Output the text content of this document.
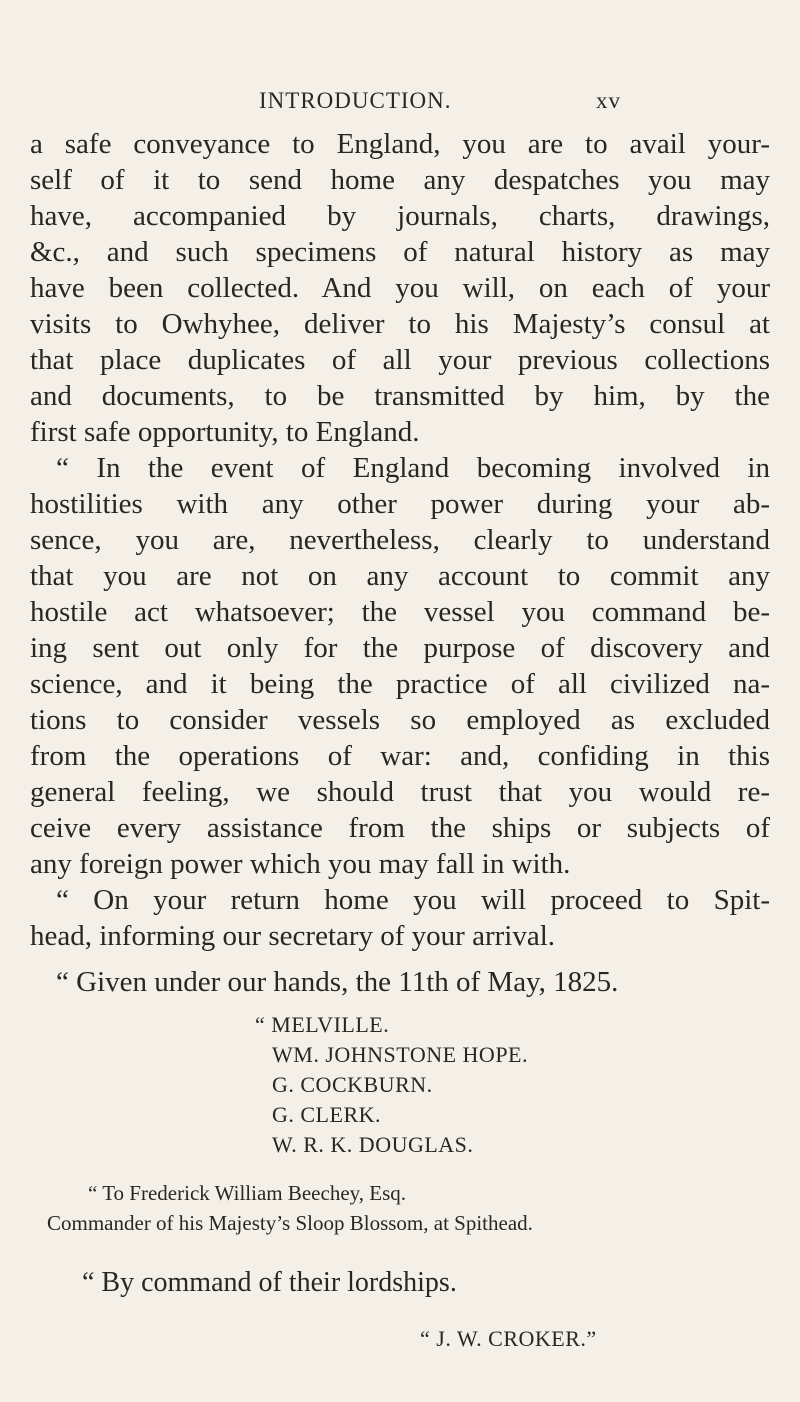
INTRODUCTION.	xv
a safe conveyance to England, you are to avail your-
self of it to send home any despatches you may
have, accompanied by journals, charts, drawings,
&c., and such specimens of natural history as may
have been collected. And you will, on each of your
visits to Owhyhee, deliver to his Majesty’s consul at
that place duplicates of all your previous collections
and documents, to be transmitted by him, by the
first safe opportunity, to England.
“ In the event of England becoming involved in
hostilities with any other power during your ab-
sence, you are, nevertheless, clearly to understand
that you are not on any account to commit any
hostile act whatsoever; the vessel you command be-
ing sent out only for the purpose of discovery and
science, and it being the practice of all civilized na-
tions to consider vessels so employed as excluded
from the operations of war: and, confiding in this
general feeling, we should trust that you would re-
ceive every assistance from the ships or subjects of
any foreign power which you may fall in with.
“ On your return home you will proceed to Spit-
head, informing our secretary of your arrival.
“ Given under our hands, the 11th of May, 1825.
“ MELVILLE.
WM. JOHNSTONE HOPE.
G. COCKBURN.
G. CLERK.
W. R. K. DOUGLAS.
“ To Frederick William Beechey, Esq.
Commander of his Majesty’s Sloop Blossom, at Spithead.
“ By command of their lordships.
“ J. W. CROKER.”
